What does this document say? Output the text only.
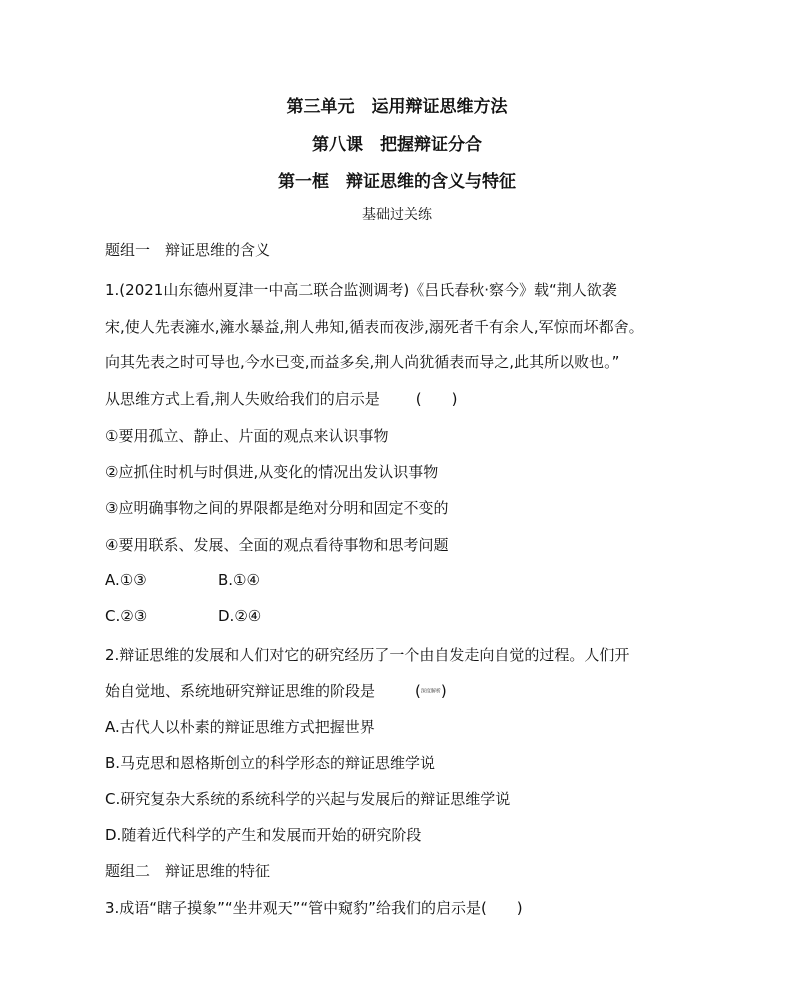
第三单元　运用辩证思维方法
第八课　把握辩证分合
第一框　辩证思维的含义与特征
基础过关练
题组一　辩证思维的含义
1.(2021山东德州夏津一中高二联合监测调考)《吕氏春秋·察今》载“荆人欲袭
宋,使人先表澭水,澭水暴益,荆人弗知,循表而夜涉,溺死者千有余人,军惊而坏都舍。
向其先表之时可导也,今水已变,而益多矣,荆人尚犹循表而导之,此其所以败也。”
从思维方式上看,荆人失败给我们的启示是 (　　)
①要用孤立、静止、片面的观点来认识事物
②应抓住时机与时俱进,从变化的情况出发认识事物
③应明确事物之间的界限都是绝对分明和固定不变的
④要用联系、发展、全面的观点看待事物和思考问题
A.①③	B.①④
C.②③	D.②④
2.辩证思维的发展和人们对它的研究经历了一个由自发走向自觉的过程。人们开
始自觉地、系统地研究辩证思维的阶段是	(深度解析)
A.古代人以朴素的辩证思维方式把握世界
B.马克思和恩格斯创立的科学形态的辩证思维学说
C.研究复杂大系统的系统科学的兴起与发展后的辩证思维学说
D.随着近代科学的产生和发展而开始的研究阶段
题组二　辩证思维的特征
3.成语“瞎子摸象”“坐井观天”“管中窥豹”给我们的启示是(　　)
